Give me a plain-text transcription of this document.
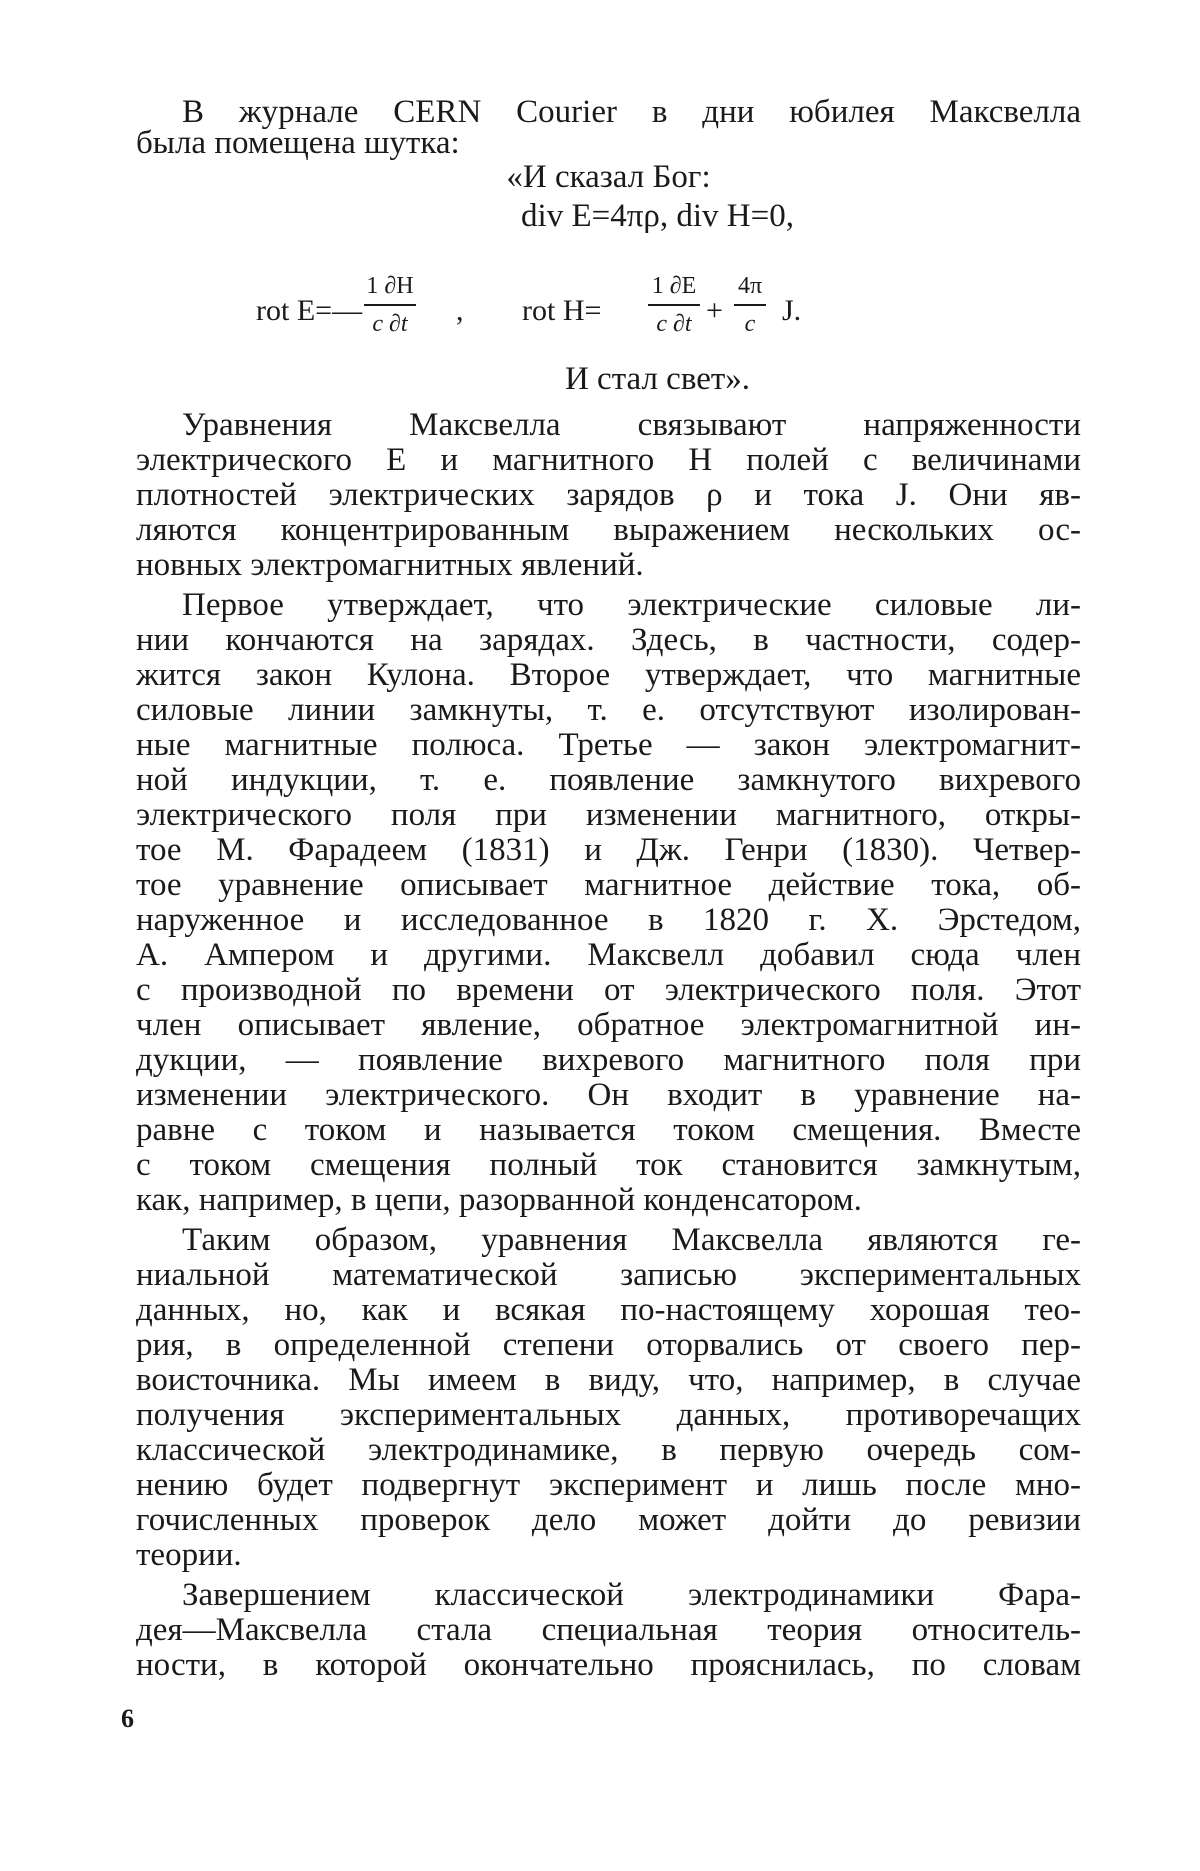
В журнале CERN Courier в дни юбилея Максвелла
была помещена шутка:
«И сказал Бог:
div E=4πρ, div H=0,
rot E=—
1 ∂H
c ∂t , rot H=
1 ∂E
c ∂t +
4π
c J.
И стал свет».
Уравнения Максвелла связывают напряженности
электрического E и магнитного H полей с величинами
плотностей электрических зарядов ρ и тока J. Они яв-
ляются концентрированным выражением нескольких ос-
новных электромагнитных явлений.
Первое утверждает, что электрические силовые ли-
нии кончаются на зарядах. Здесь, в частности, содер-
жится закон Кулона. Второе утверждает, что магнитные
силовые линии замкнуты, т. е. отсутствуют изолирован-
ные магнитные полюса. Третье — закон электромагнит-
ной индукции, т. е. появление замкнутого вихревого
электрического поля при изменении магнитного, откры-
тое М. Фарадеем (1831) и Дж. Генри (1830). Четвер-
тое уравнение описывает магнитное действие тока, об-
наруженное и исследованное в 1820 г. Х. Эрстедом,
А. Ампером и другими. Максвелл добавил сюда член
с производной по времени от электрического поля. Этот
член описывает явление, обратное электромагнитной ин-
дукции, — появление вихревого магнитного поля при
изменении электрического. Он входит в уравнение на-
равне с током и называется током смещения. Вместе
с током смещения полный ток становится замкнутым,
как, например, в цепи, разорванной конденсатором.
Таким образом, уравнения Максвелла являются ге-
ниальной математической записью экспериментальных
данных, но, как и всякая по-настоящему хорошая тео-
рия, в определенной степени оторвались от своего пер-
воисточника. Мы имеем в виду, что, например, в случае
получения экспериментальных данных, противоречащих
классической электродинамике, в первую очередь сом-
нению будет подвергнут эксперимент и лишь после мно-
гочисленных проверок дело может дойти до ревизии
теории.
Завершением классической электродинамики Фара-
дея—Максвелла стала специальная теория относитель-
ности, в которой окончательно прояснилась, по словам
6
